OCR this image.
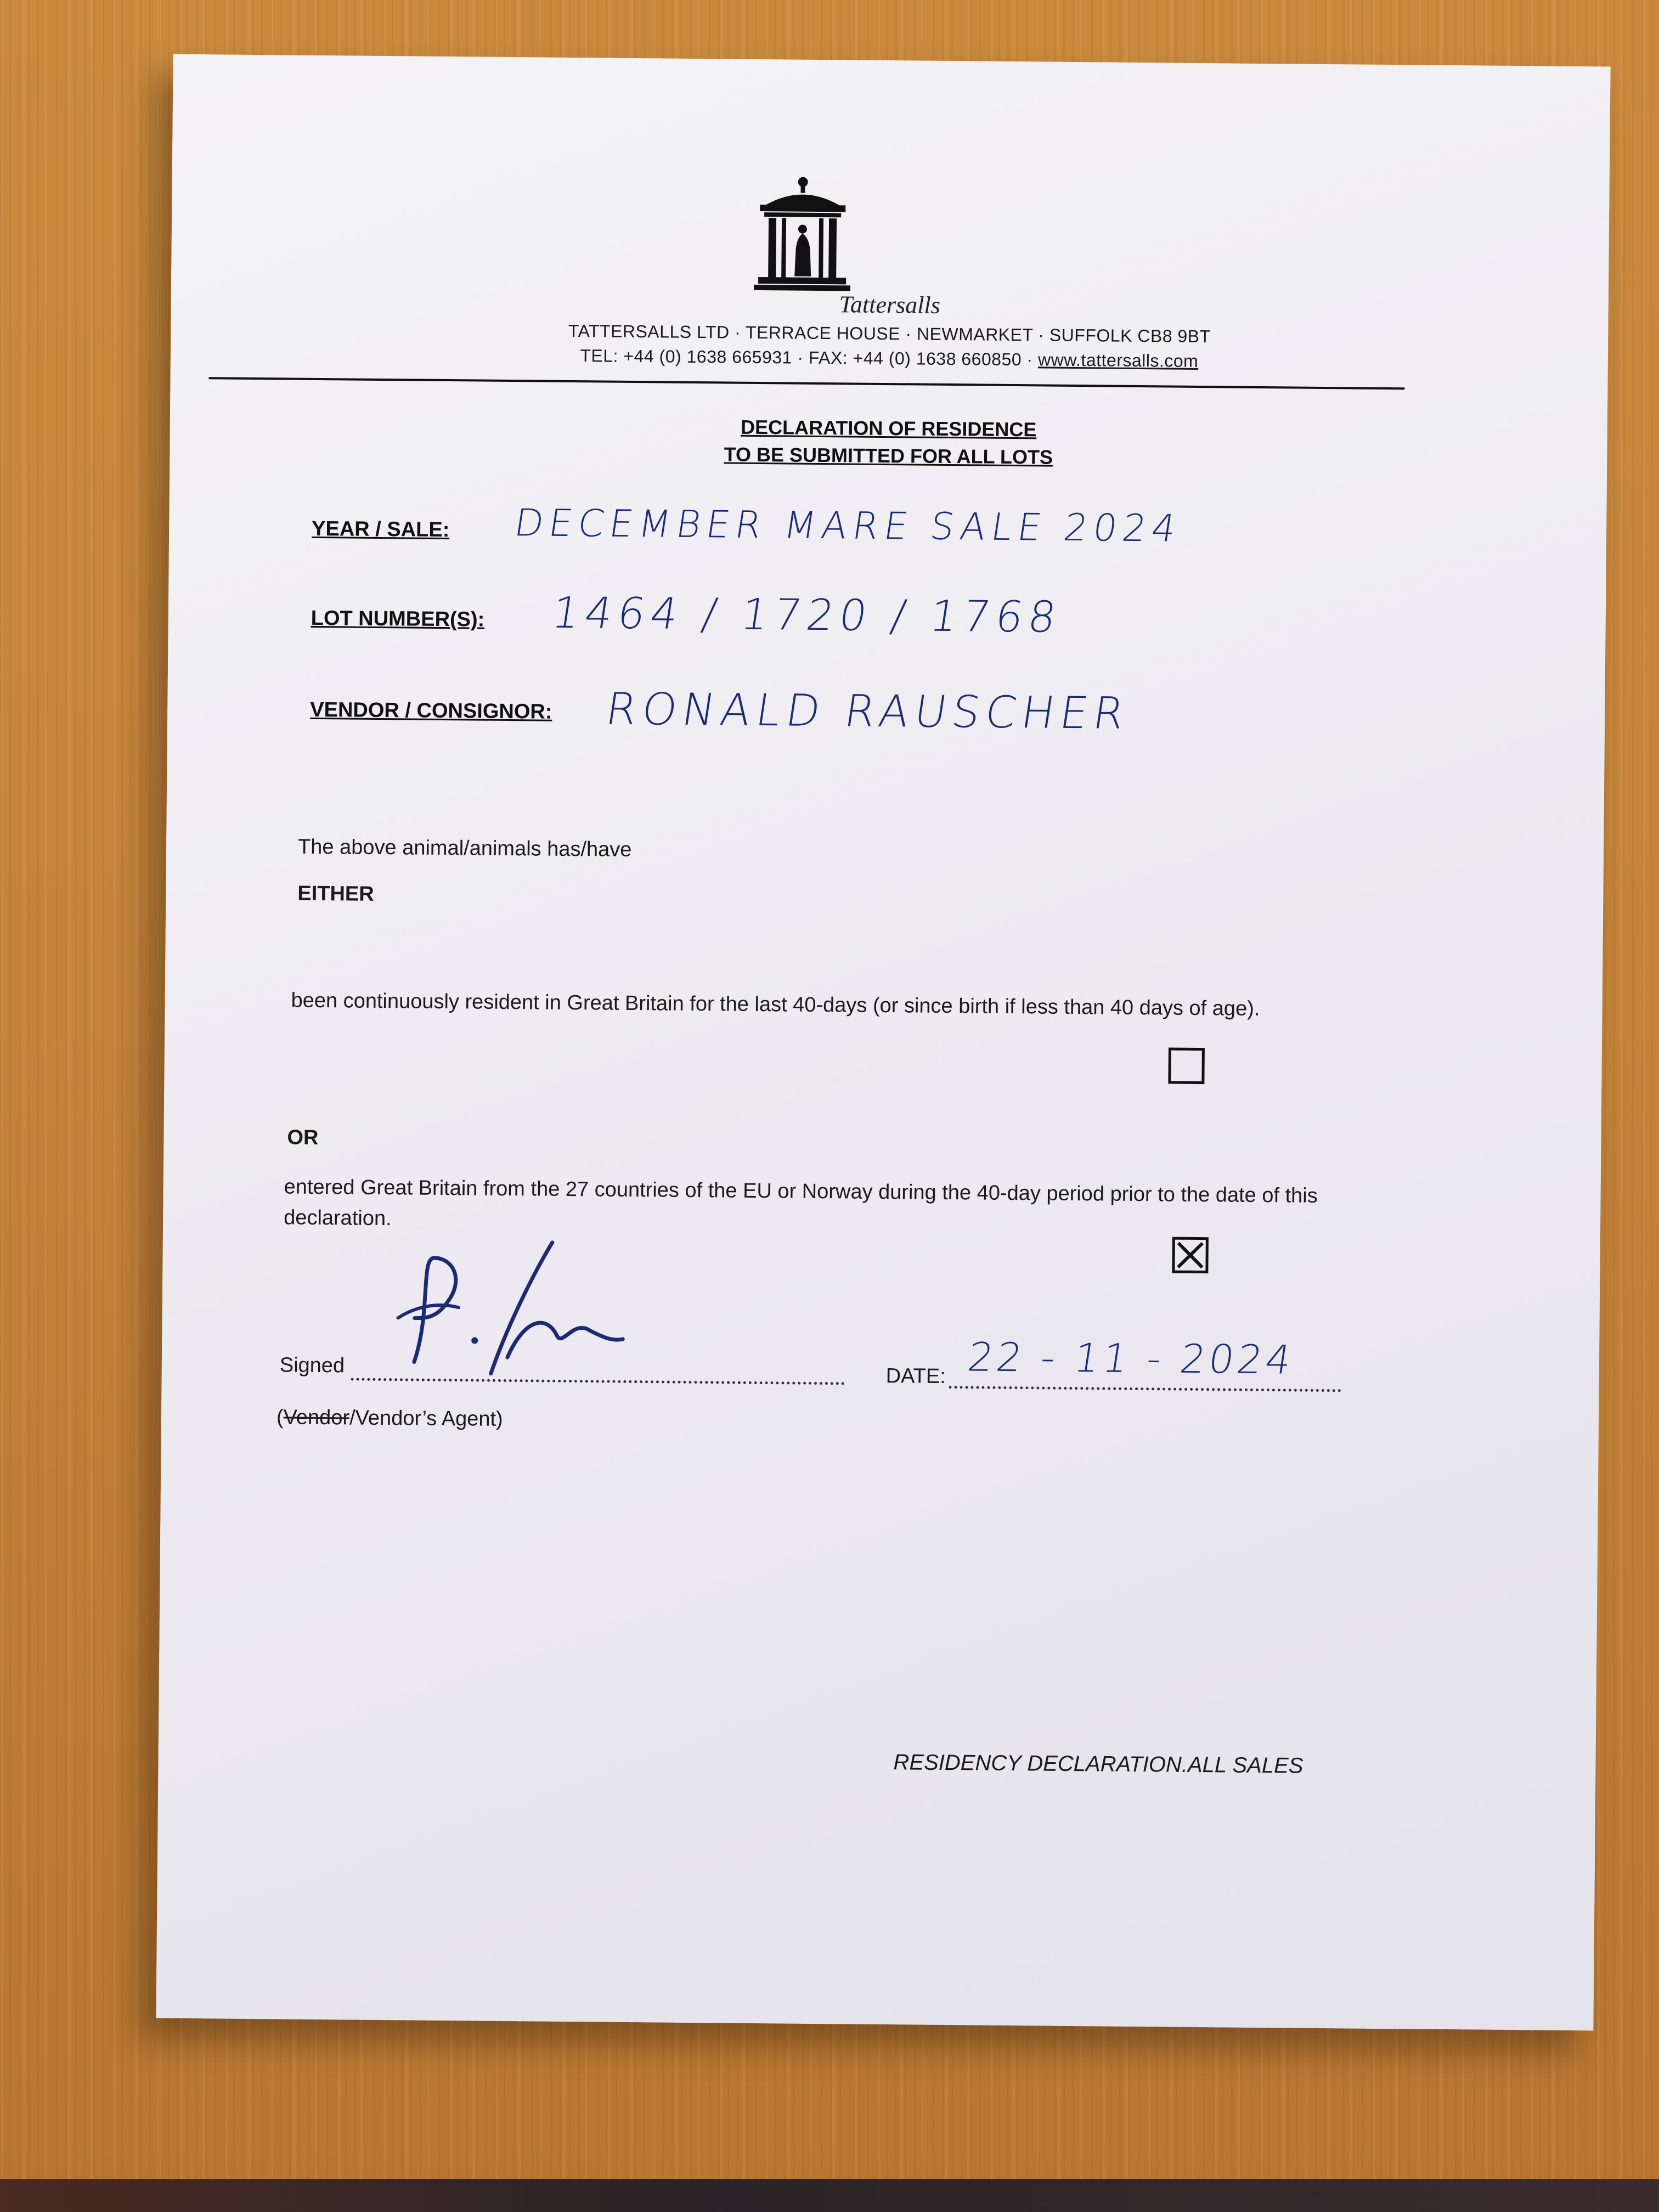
Tattersalls
TATTERSALLS LTD · TERRACE HOUSE · NEWMARKET · SUFFOLK CB8 9BT
TEL: +44 (0) 1638 665931 · FAX: +44 (0) 1638 660850 · www.tattersalls.com
DECLARATION OF RESIDENCE
TO BE SUBMITTED FOR ALL LOTS
YEAR / SALE: DECEMBER MARE SALE 2024
LOT NUMBER(S): 1464 / 1720 / 1768
VENDOR / CONSIGNOR: RONALD RAUSCHER
The above animal/animals has/have
EITHER
been continuously resident in Great Britain for the last 40-days (or since birth if less than 40 days of age).
OR
entered Great Britain from the 27 countries of the EU or Norway during the 40-day period prior to the date of this declaration.
Signed	DATE: 22 - 11 - 2024
(Vendor/Vendor’s Agent)
RESIDENCY DECLARATION.ALL SALES
